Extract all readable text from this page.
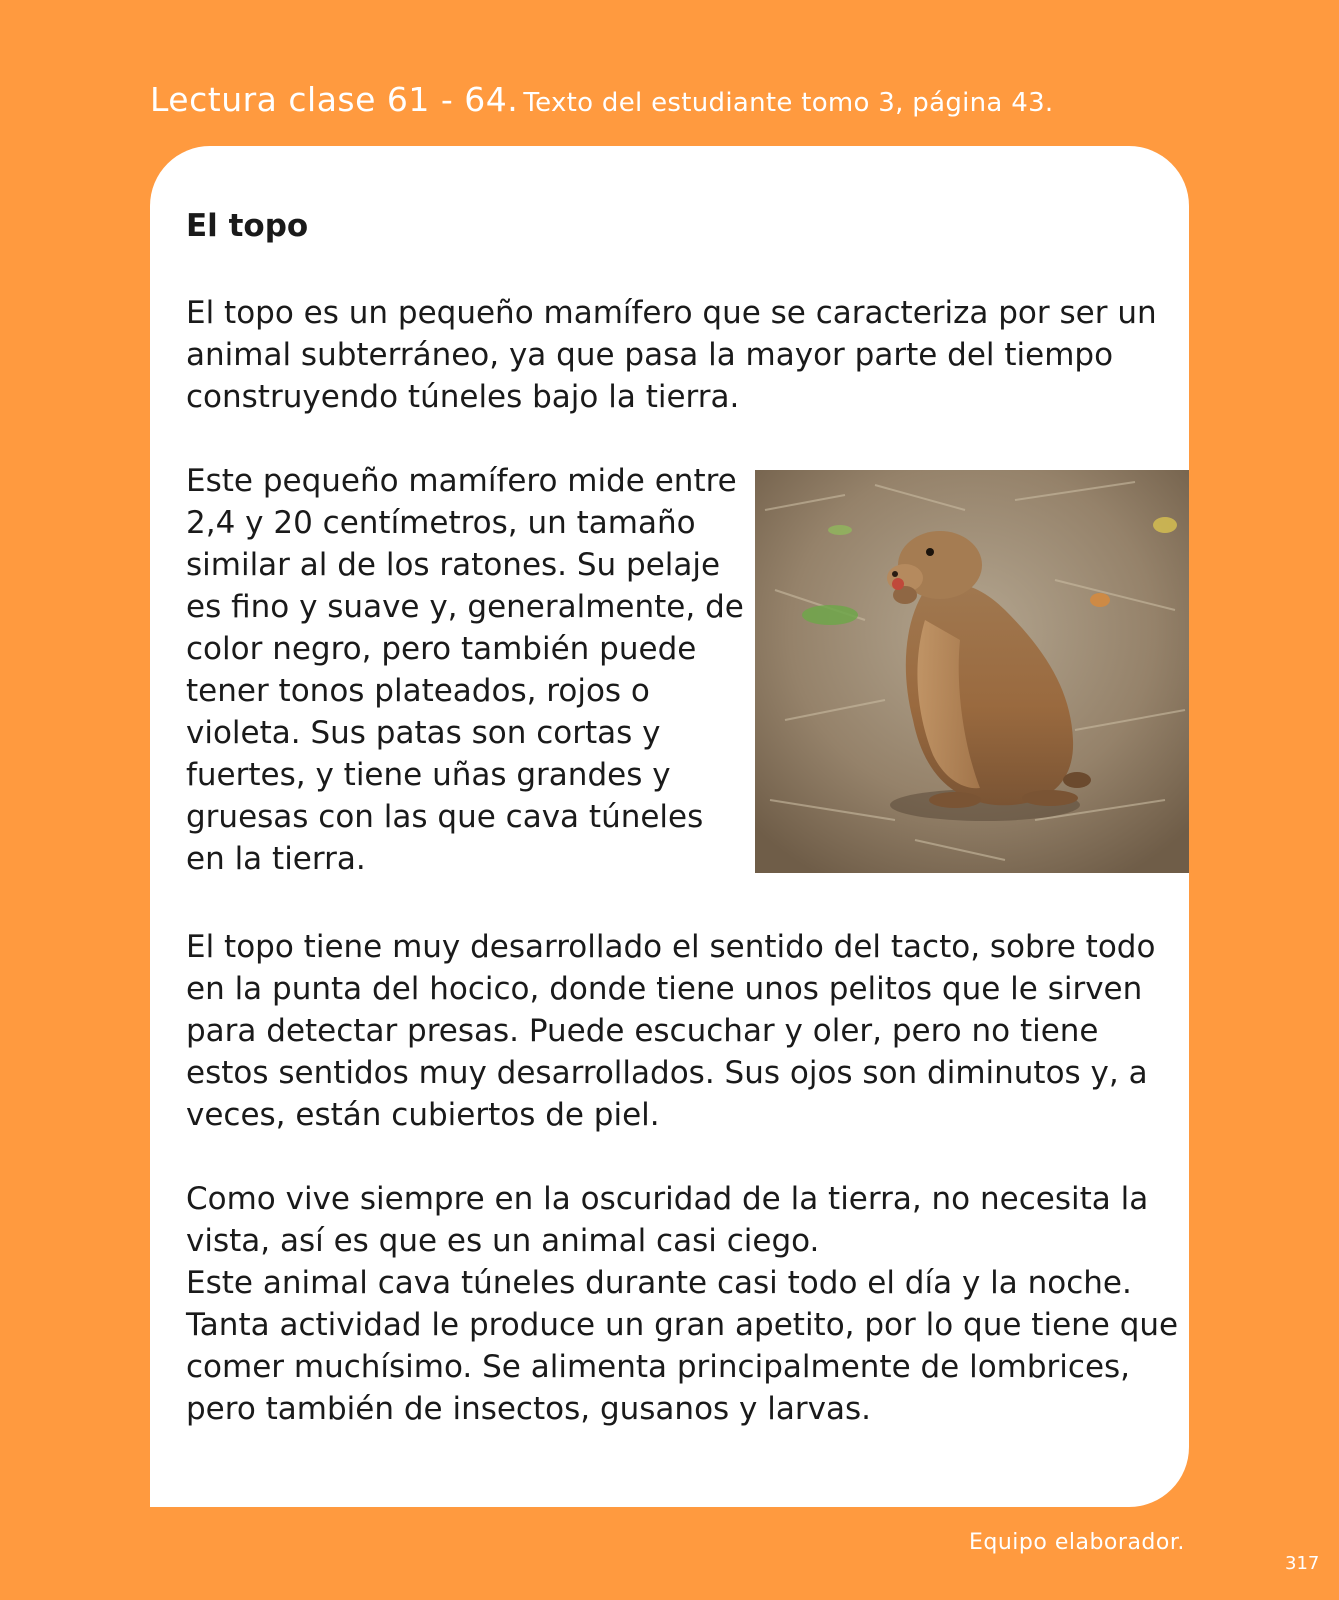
Lectura clase 61 - 64. Texto del estudiante tomo 3, página 43.
El topo

El topo es un pequeño mamífero que se caracteriza por ser un animal subterráneo, ya que pasa la mayor parte del tiempo construyendo túneles bajo la tierra.

Este pequeño mamífero mide entre 2,4 y 20 centímetros, un tamaño similar al de los ratones. Su pelaje es fino y suave y, generalmente, de color negro, pero también puede tener tonos plateados, rojos o violeta. Sus patas son cortas y fuertes, y tiene uñas grandes y gruesas con las que cava túneles en la tierra.

El topo tiene muy desarrollado el sentido del tacto, sobre todo en la punta del hocico, donde tiene unos pelitos que le sirven para detectar presas. Puede escuchar y oler, pero no tiene estos sentidos muy desarrollados. Sus ojos son diminutos y, a veces, están cubiertos de piel.

Como vive siempre en la oscuridad de la tierra, no necesita la vista, así es que es un animal casi ciego.
Este animal cava túneles durante casi todo el día y la noche. Tanta actividad le produce un gran apetito, por lo que tiene que comer muchísimo. Se alimenta principalmente de lombrices, pero también de insectos, gusanos y larvas.

Equipo elaborador.
317
